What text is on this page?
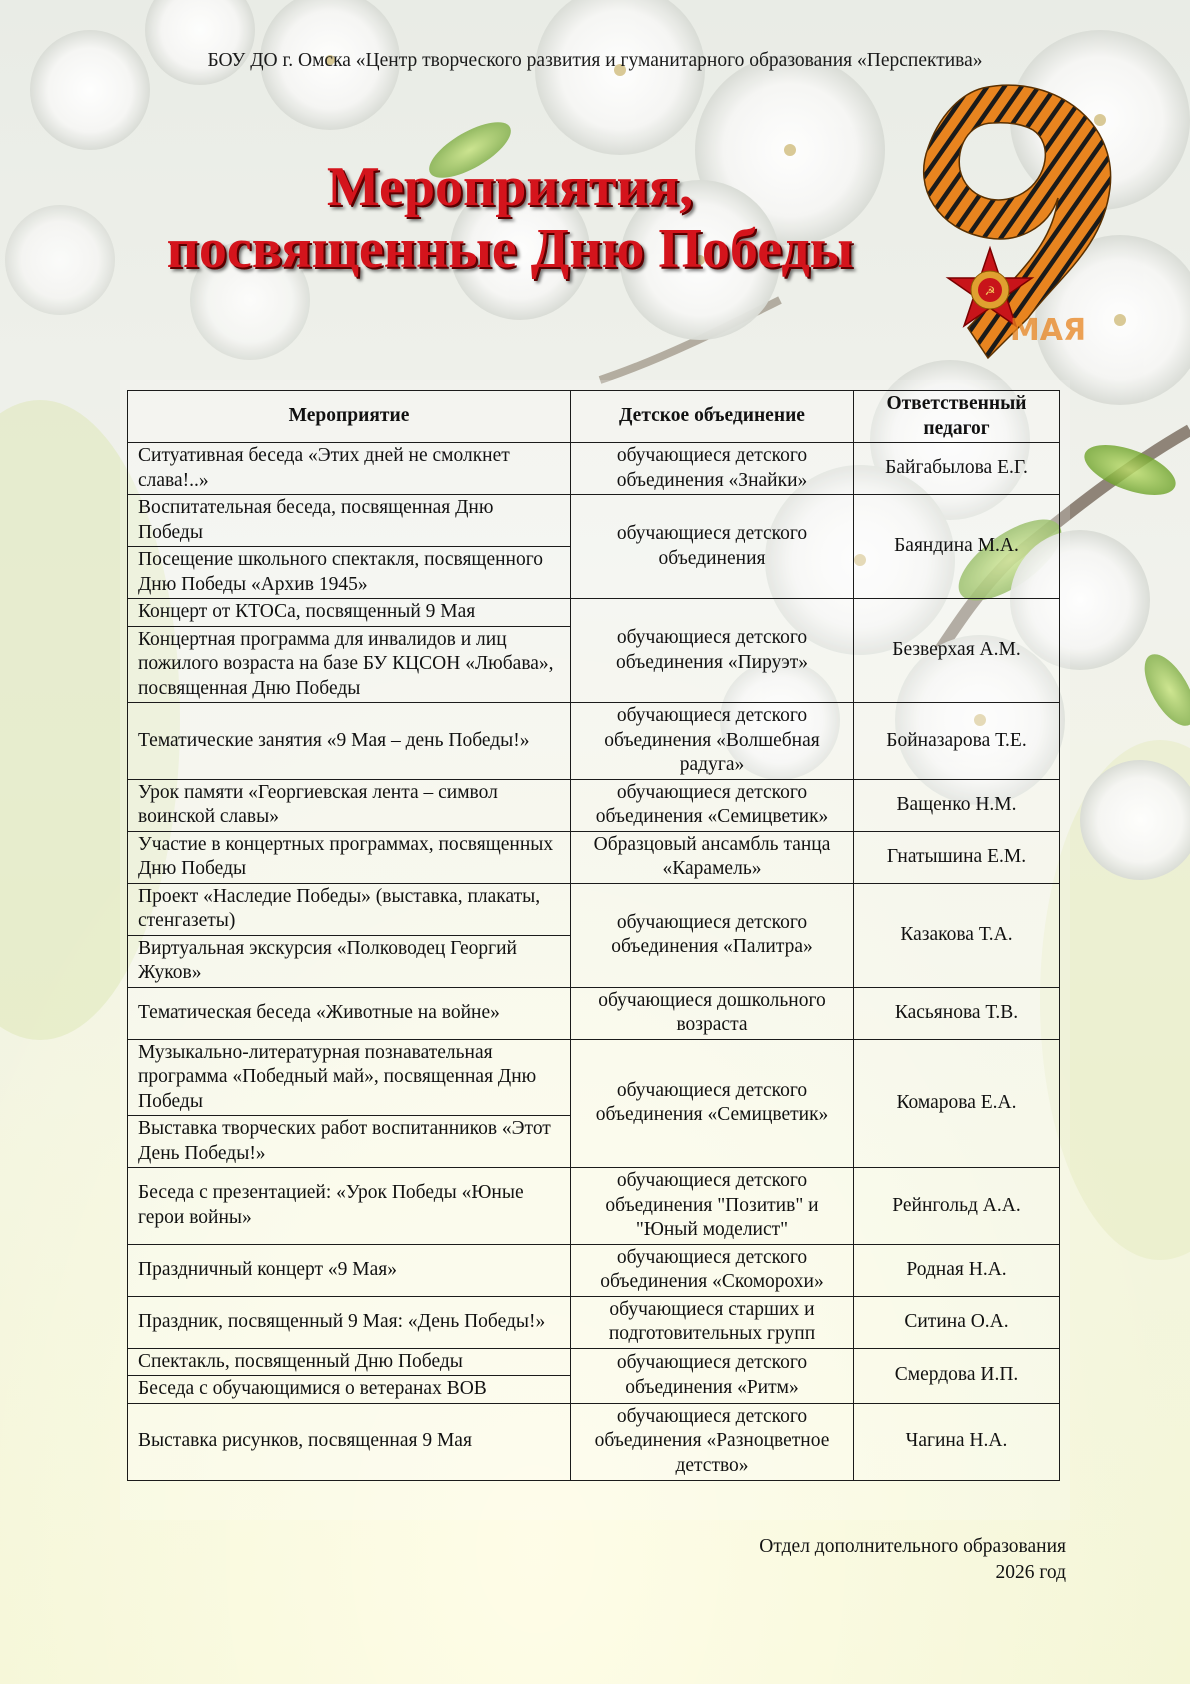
БОУ ДО г. Омска «Центр творческого развития и гуманитарного образования «Перспектива»
Мероприятия,
посвященные Дню Победы
☭
МАЯ
Мероприятие	Детское объединение	Ответственный педагог
Ситуативная беседа «Этих дней не смолкнет слава!..»	обучающиеся детского объединения «Знайки»	Байгабылова Е.Г.
Воспитательная беседа, посвященная Дню Победы	обучающиеся детского объединения	Баяндина М.А.
Посещение школьного спектакля, посвященного Дню Победы «Архив 1945»		
Концерт от КТОСа, посвященный 9 Мая	обучающиеся детского объединения «Пируэт»	Безверхая А.М.
Концертная программа для инвалидов и лиц пожилого возраста на базе БУ КЦСОН «Любава», посвященная Дню Победы		
Тематические занятия «9 Мая – день Победы!»	обучающиеся детского объединения «Волшебная радуга»	Бойназарова Т.Е.
Урок памяти «Георгиевская лента – символ воинской славы»	обучающиеся детского объединения «Семицветик»	Ващенко Н.М.
Участие в концертных программах, посвященных Дню Победы	Образцовый ансамбль танца «Карамель»	Гнатышина Е.М.
Проект «Наследие Победы» (выставка, плакаты, стенгазеты)	обучающиеся детского объединения «Палитра»	Казакова Т.А.
Виртуальная экскурсия «Полководец Георгий Жуков»		
Тематическая беседа «Животные на войне»	обучающиеся дошкольного возраста	Касьянова Т.В.
Музыкально-литературная познавательная программа «Победный май», посвященная Дню Победы	обучающиеся детского объединения «Семицветик»	Комарова Е.А.
Выставка творческих работ воспитанников «Этот День Победы!»		
Беседа с презентацией: «Урок Победы «Юные герои войны»	обучающиеся детского объединения "Позитив" и "Юный моделист"	Рейнгольд А.А.
Праздничный концерт «9 Мая»	обучающиеся детского объединения «Скоморохи»	Родная Н.А.
Праздник, посвященный 9 Мая: «День Победы!»	обучающиеся старших и подготовительных групп	Ситина О.А.
Спектакль, посвященный Дню Победы	обучающиеся детского объединения «Ритм»	Смердова И.П.
Беседа с обучающимися о ветеранах ВОВ		
Выставка рисунков, посвященная 9 Мая	обучающиеся детского объединения «Разноцветное детство»	Чагина Н.А.
Отдел дополнительного образования
2026 год
